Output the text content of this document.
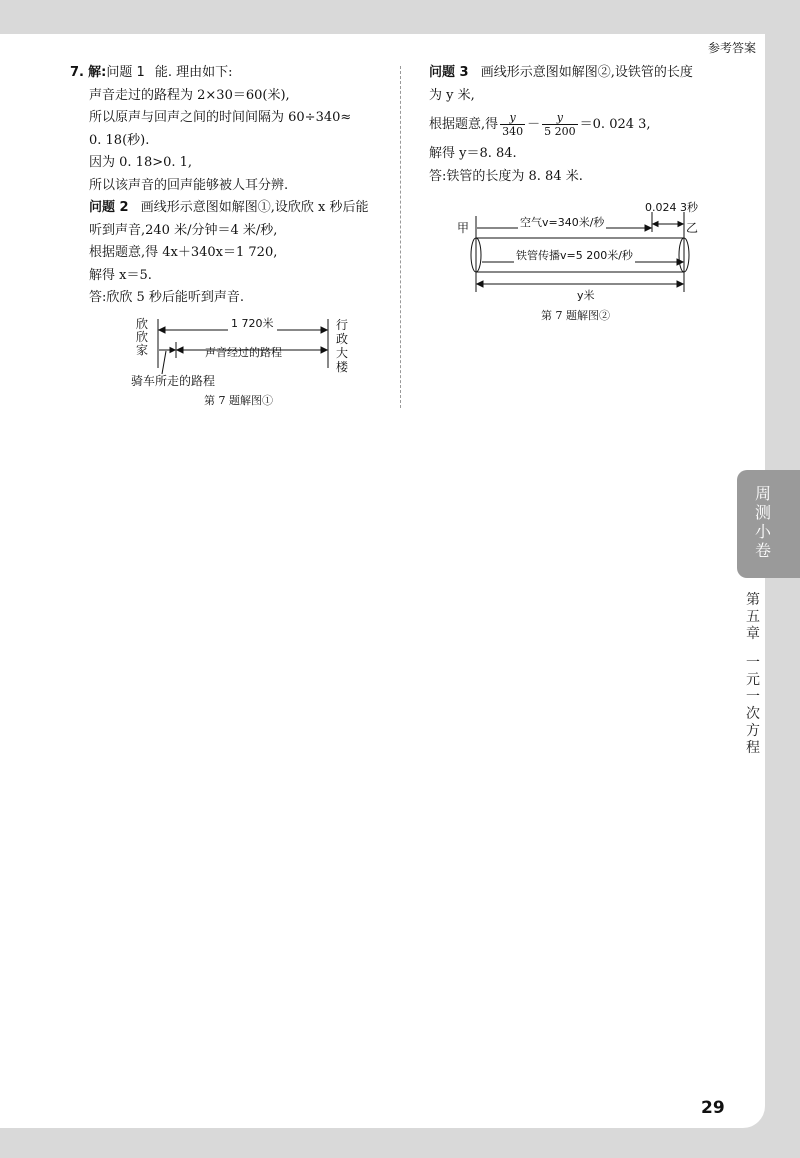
参考答案
7. 解:问题 1 能. 理由如下:
声音走过的路程为 2×30＝60(米),
所以原声与回声之间的时间间隔为 60÷340≈
0. 18(秒).
因为 0. 18>0. 1,
所以该声音的回声能够被人耳分辨.
问题 2 画线形示意图如解图①,设欣欣 x 秒后能
听到声音,240 米/分钟＝4 米/秒,
根据题意,得 4x＋340x＝1 720,
解得 x＝5.
答:欣欣 5 秒后能听到声音.
欣欣家
行政大楼
1 720米
声音经过的路程
骑车所走的路程
第 7 题解图①
问题 3 画线形示意图如解图②,设铁管的长度
为 y 米,
根据题意,得 $\frac{y}{340} - \frac{y}{5 200} =0$. 024 3,
解得 y＝8. 84.
答:铁管的长度为 8. 84 米.
甲	乙
0.024 3秒
空气v=340米/秒
铁管传播v=5 200米/秒
y米
第 7 题解图②
周测小卷
第五章
一元一次方程
29
